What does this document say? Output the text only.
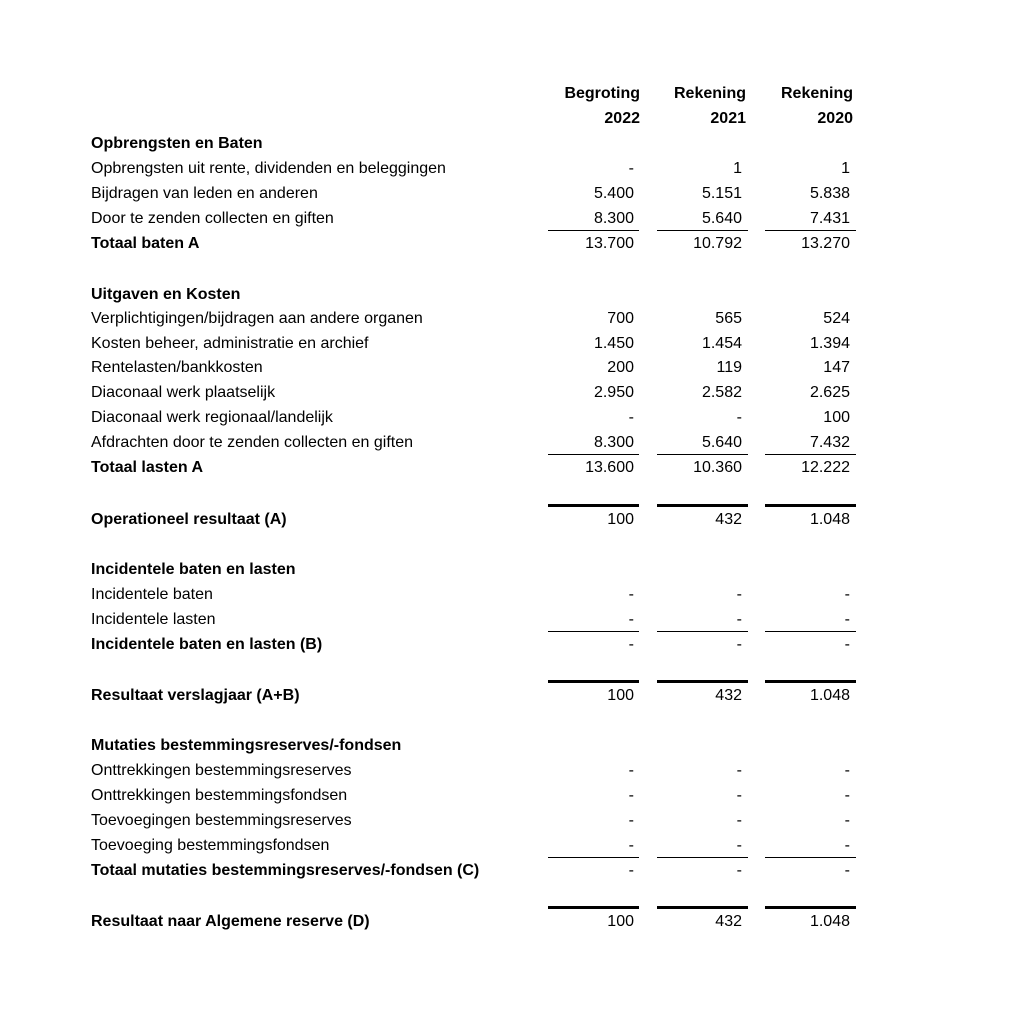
Begroting	Rekening	Rekening
2022	2021	2020
Opbrengsten en Baten
Opbrengsten uit rente, dividenden en beleggingen	-	1	1
Bijdragen van leden en anderen	5.400	5.151	5.838
Door te zenden collecten en giften	8.300	5.640	7.431
Totaal baten A	13.700	10.792	13.270
Uitgaven en Kosten
Verplichtigingen/bijdragen aan andere organen	700	565	524
Kosten beheer, administratie en archief	1.450	1.454	1.394
Rentelasten/bankkosten	200	119	147
Diaconaal werk plaatselijk	2.950	2.582	2.625
Diaconaal werk regionaal/landelijk	-	-	100
Afdrachten door te zenden collecten en giften	8.300	5.640	7.432
Totaal lasten A	13.600	10.360	12.222
Operationeel resultaat (A)	100	432	1.048
Incidentele baten en lasten
Incidentele baten	-	-	-
Incidentele lasten	-	-	-
Incidentele baten en lasten (B)	-	-	-
Resultaat verslagjaar (A+B)	100	432	1.048
Mutaties bestemmingsreserves/-fondsen
Onttrekkingen bestemmingsreserves	-	-	-
Onttrekkingen bestemmingsfondsen	-	-	-
Toevoegingen bestemmingsreserves	-	-	-
Toevoeging bestemmingsfondsen	-	-	-
Totaal mutaties bestemmingsreserves/-fondsen (C)	-	-	-
Resultaat naar Algemene reserve (D)	100	432	1.048
